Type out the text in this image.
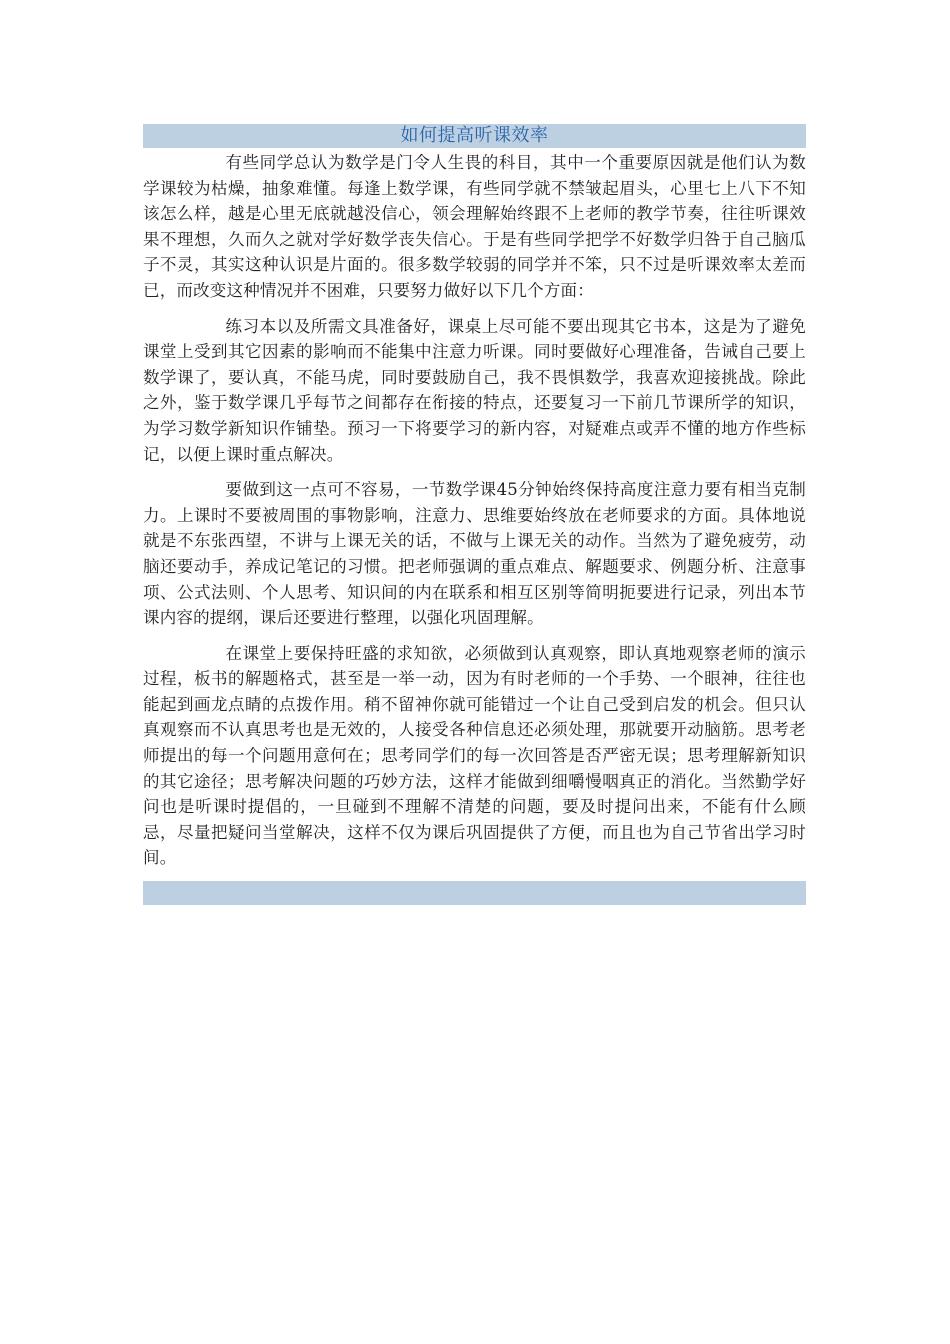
如何提高听课效率

有些同学总认为数学是门令人生畏的科目，其中一个重要原因就是他们认为数学课较为枯燥，抽象难懂。每逢上数学课，有些同学就不禁皱起眉头，心里七上八下不知该怎么样，越是心里无底就越没信心，领会理解始终跟不上老师的教学节奏，往往听课效果不理想，久而久之就对学好数学丧失信心。于是有些同学把学不好数学归咎于自己脑瓜子不灵，其实这种认识是片面的。很多数学较弱的同学并不笨，只不过是听课效率太差而已，而改变这种情况并不困难，只要努力做好以下几个方面：

练习本以及所需文具准备好，课桌上尽可能不要出现其它书本，这是为了避免课堂上受到其它因素的影响而不能集中注意力听课。同时要做好心理准备，告诫自己要上数学课了，要认真，不能马虎，同时要鼓励自己，我不畏惧数学，我喜欢迎接挑战。除此之外，鉴于数学课几乎每节之间都存在衔接的特点，还要复习一下前几节课所学的知识，为学习数学新知识作铺垫。预习一下将要学习的新内容，对疑难点或弄不懂的地方作些标记，以便上课时重点解决。

要做到这一点可不容易，一节数学课45分钟始终保持高度注意力要有相当克制力。上课时不要被周围的事物影响，注意力、思维要始终放在老师要求的方面。具体地说就是不东张西望，不讲与上课无关的话，不做与上课无关的动作。当然为了避免疲劳，动脑还要动手，养成记笔记的习惯。把老师强调的重点难点、解题要求、例题分析、注意事项、公式法则、个人思考、知识间的内在联系和相互区别等简明扼要进行记录，列出本节课内容的提纲，课后还要进行整理，以强化巩固理解。

在课堂上要保持旺盛的求知欲，必须做到认真观察，即认真地观察老师的演示过程，板书的解题格式，甚至是一举一动，因为有时老师的一个手势、一个眼神，往往也能起到画龙点睛的点拨作用。稍不留神你就可能错过一个让自己受到启发的机会。但只认真观察而不认真思考也是无效的，人接受各种信息还必须处理，那就要开动脑筋。思考老师提出的每一个问题用意何在；思考同学们的每一次回答是否严密无误；思考理解新知识的其它途径；思考解决问题的巧妙方法，这样才能做到细嚼慢咽真正的消化。当然勤学好问也是听课时提倡的，一旦碰到不理解不清楚的问题，要及时提问出来，不能有什么顾忌，尽量把疑问当堂解决，这样不仅为课后巩固提供了方便，而且也为自己节省出学习时间。
